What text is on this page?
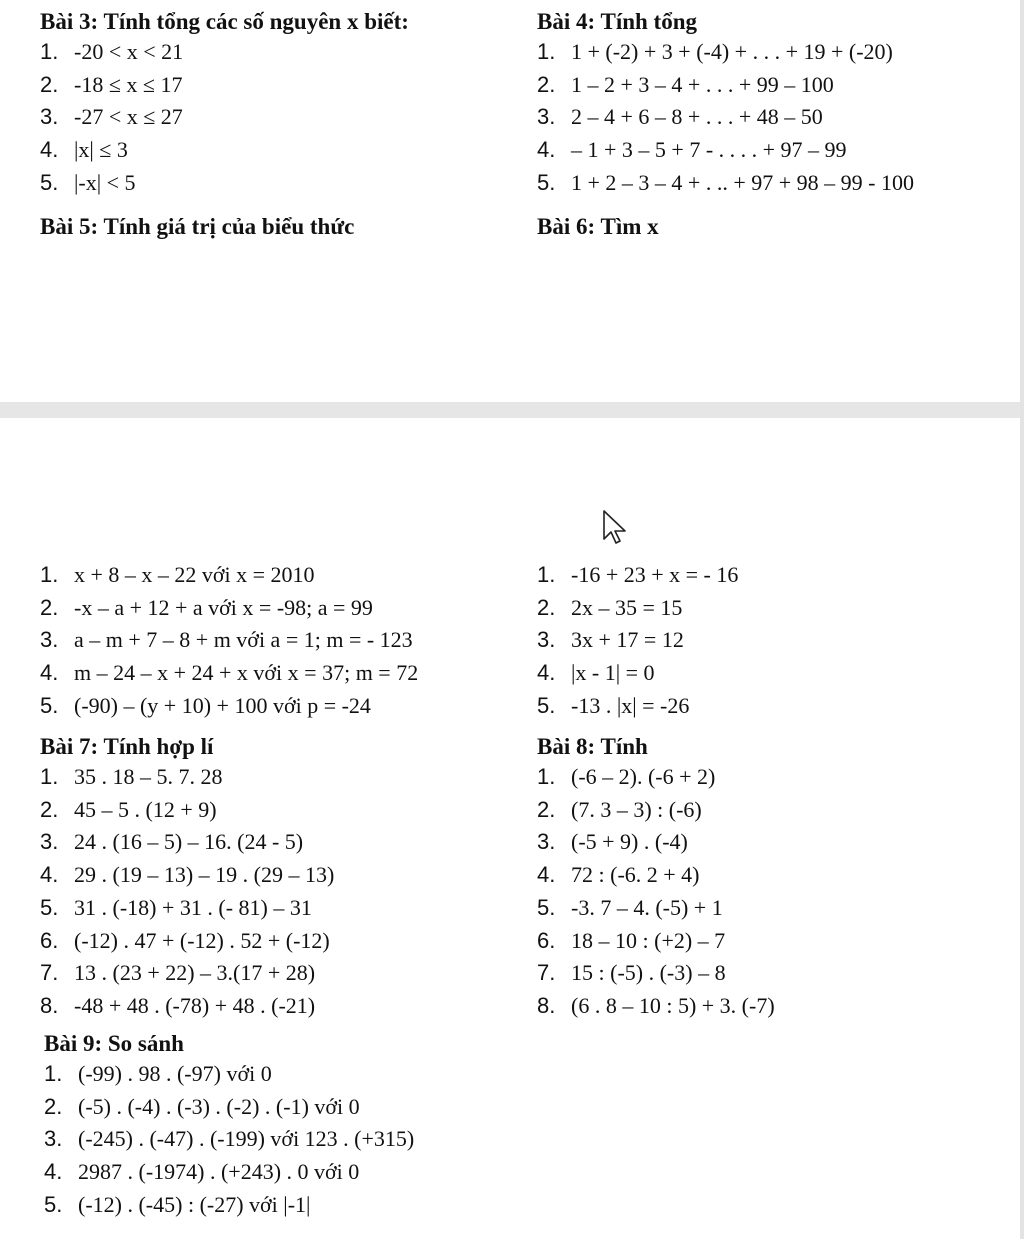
Bài 3: Tính tổng các số nguyên x biết:
1. -20 < x < 21
2. -18 ≤ x ≤ 17
3. -27 < x ≤ 27
4. |x| ≤ 3
5. |-x| < 5
Bài 4: Tính tổng
1. 1 + (-2) + 3 + (-4) + . . . + 19 + (-20)
2. 1 – 2 + 3 – 4 + . . . + 99 – 100
3. 2 – 4 + 6 – 8 + . . . + 48 – 50
4. – 1 + 3 – 5 + 7 - . . . . + 97 – 99
5. 1 + 2 – 3 – 4 + . .. + 97 + 98 – 99 - 100
Bài 5: Tính giá trị của biểu thức	Bài 6: Tìm x
1. x + 8 – x – 22 với x = 2010
2. -x – a + 12 + a với x = -98; a = 99
3. a – m + 7 – 8 + m với a = 1; m = - 123
4. m – 24 – x + 24 + x với x = 37; m = 72
5. (-90) – (y + 10) + 100 với p = -24
1. -16 + 23 + x = - 16
2. 2x – 35 = 15
3. 3x + 17 = 12
4. |x - 1| = 0
5. -13 . |x| = -26
Bài 7: Tính hợp lí
1. 35 . 18 – 5. 7. 28
2. 45 – 5 . (12 + 9)
3. 24 . (16 – 5) – 16. (24 - 5)
4. 29 . (19 – 13) – 19 . (29 – 13)
5. 31 . (-18) + 31 . (- 81) – 31
6. (-12) . 47 + (-12) . 52 + (-12)
7. 13 . (23 + 22) – 3.(17 + 28)
8. -48 + 48 . (-78) + 48 . (-21)
Bài 8: Tính
1. (-6 – 2). (-6 + 2)
2. (7. 3 – 3) : (-6)
3. (-5 + 9) . (-4)
4. 72 : (-6. 2 + 4)
5. -3. 7 – 4. (-5) + 1
6. 18 – 10 : (+2) – 7
7. 15 : (-5) . (-3) – 8
8. (6 . 8 – 10 : 5) + 3. (-7)
Bài 9: So sánh
1. (-99) . 98 . (-97) với 0
2. (-5) . (-4) . (-3) . (-2) . (-1) với 0
3. (-245) . (-47) . (-199) với 123 . (+315)
4. 2987 . (-1974) . (+243) . 0 với 0
5. (-12) . (-45) : (-27) với |-1|
